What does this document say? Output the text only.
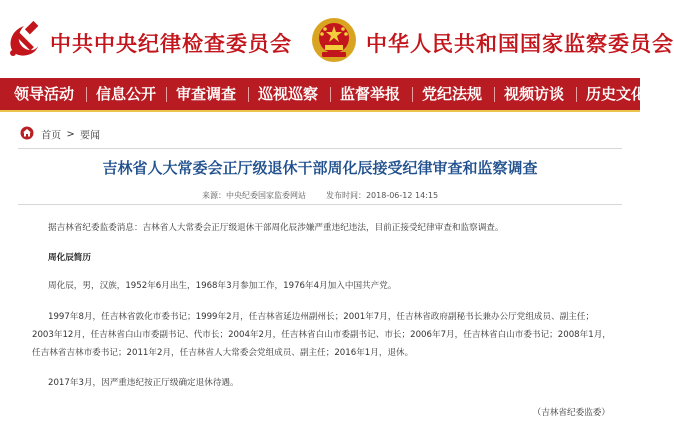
中共中央纪律检查委员会	中华人民共和国国家监察委员会
领导活动 信息公开 审查调查 巡视巡察 监督举报 党纪法规 视频访谈 历史文化
首页 > 要闻
吉林省人大常委会正厅级退休干部周化辰接受纪律审查和监察调查
来源：中央纪委国家监委网站	发布时间：2018-06-12 14:15
据吉林省纪委监委消息：吉林省人大常委会正厅级退休干部周化辰涉嫌严重违纪违法，目前正接受纪律审查和监察调查。
周化辰简历
周化辰，男，汉族，1952年6月出生，1968年3月参加工作，1976年4月加入中国共产党。
1997年8月，任吉林省敦化市委书记；1999年2月，任吉林省延边州副州长；2001年7月，任吉林省政府副秘书长兼办公厅党组成员、副主任；
2003年12月，任吉林省白山市委副书记、代市长；2004年2月，任吉林省白山市委副书记、市长；2006年7月，任吉林省白山市委书记；2008年1月，
任吉林省吉林市委书记；2011年2月，任吉林省人大常委会党组成员、副主任；2016年1月，退休。
2017年3月，因严重违纪按正厅级确定退休待遇。
（吉林省纪委监委）
